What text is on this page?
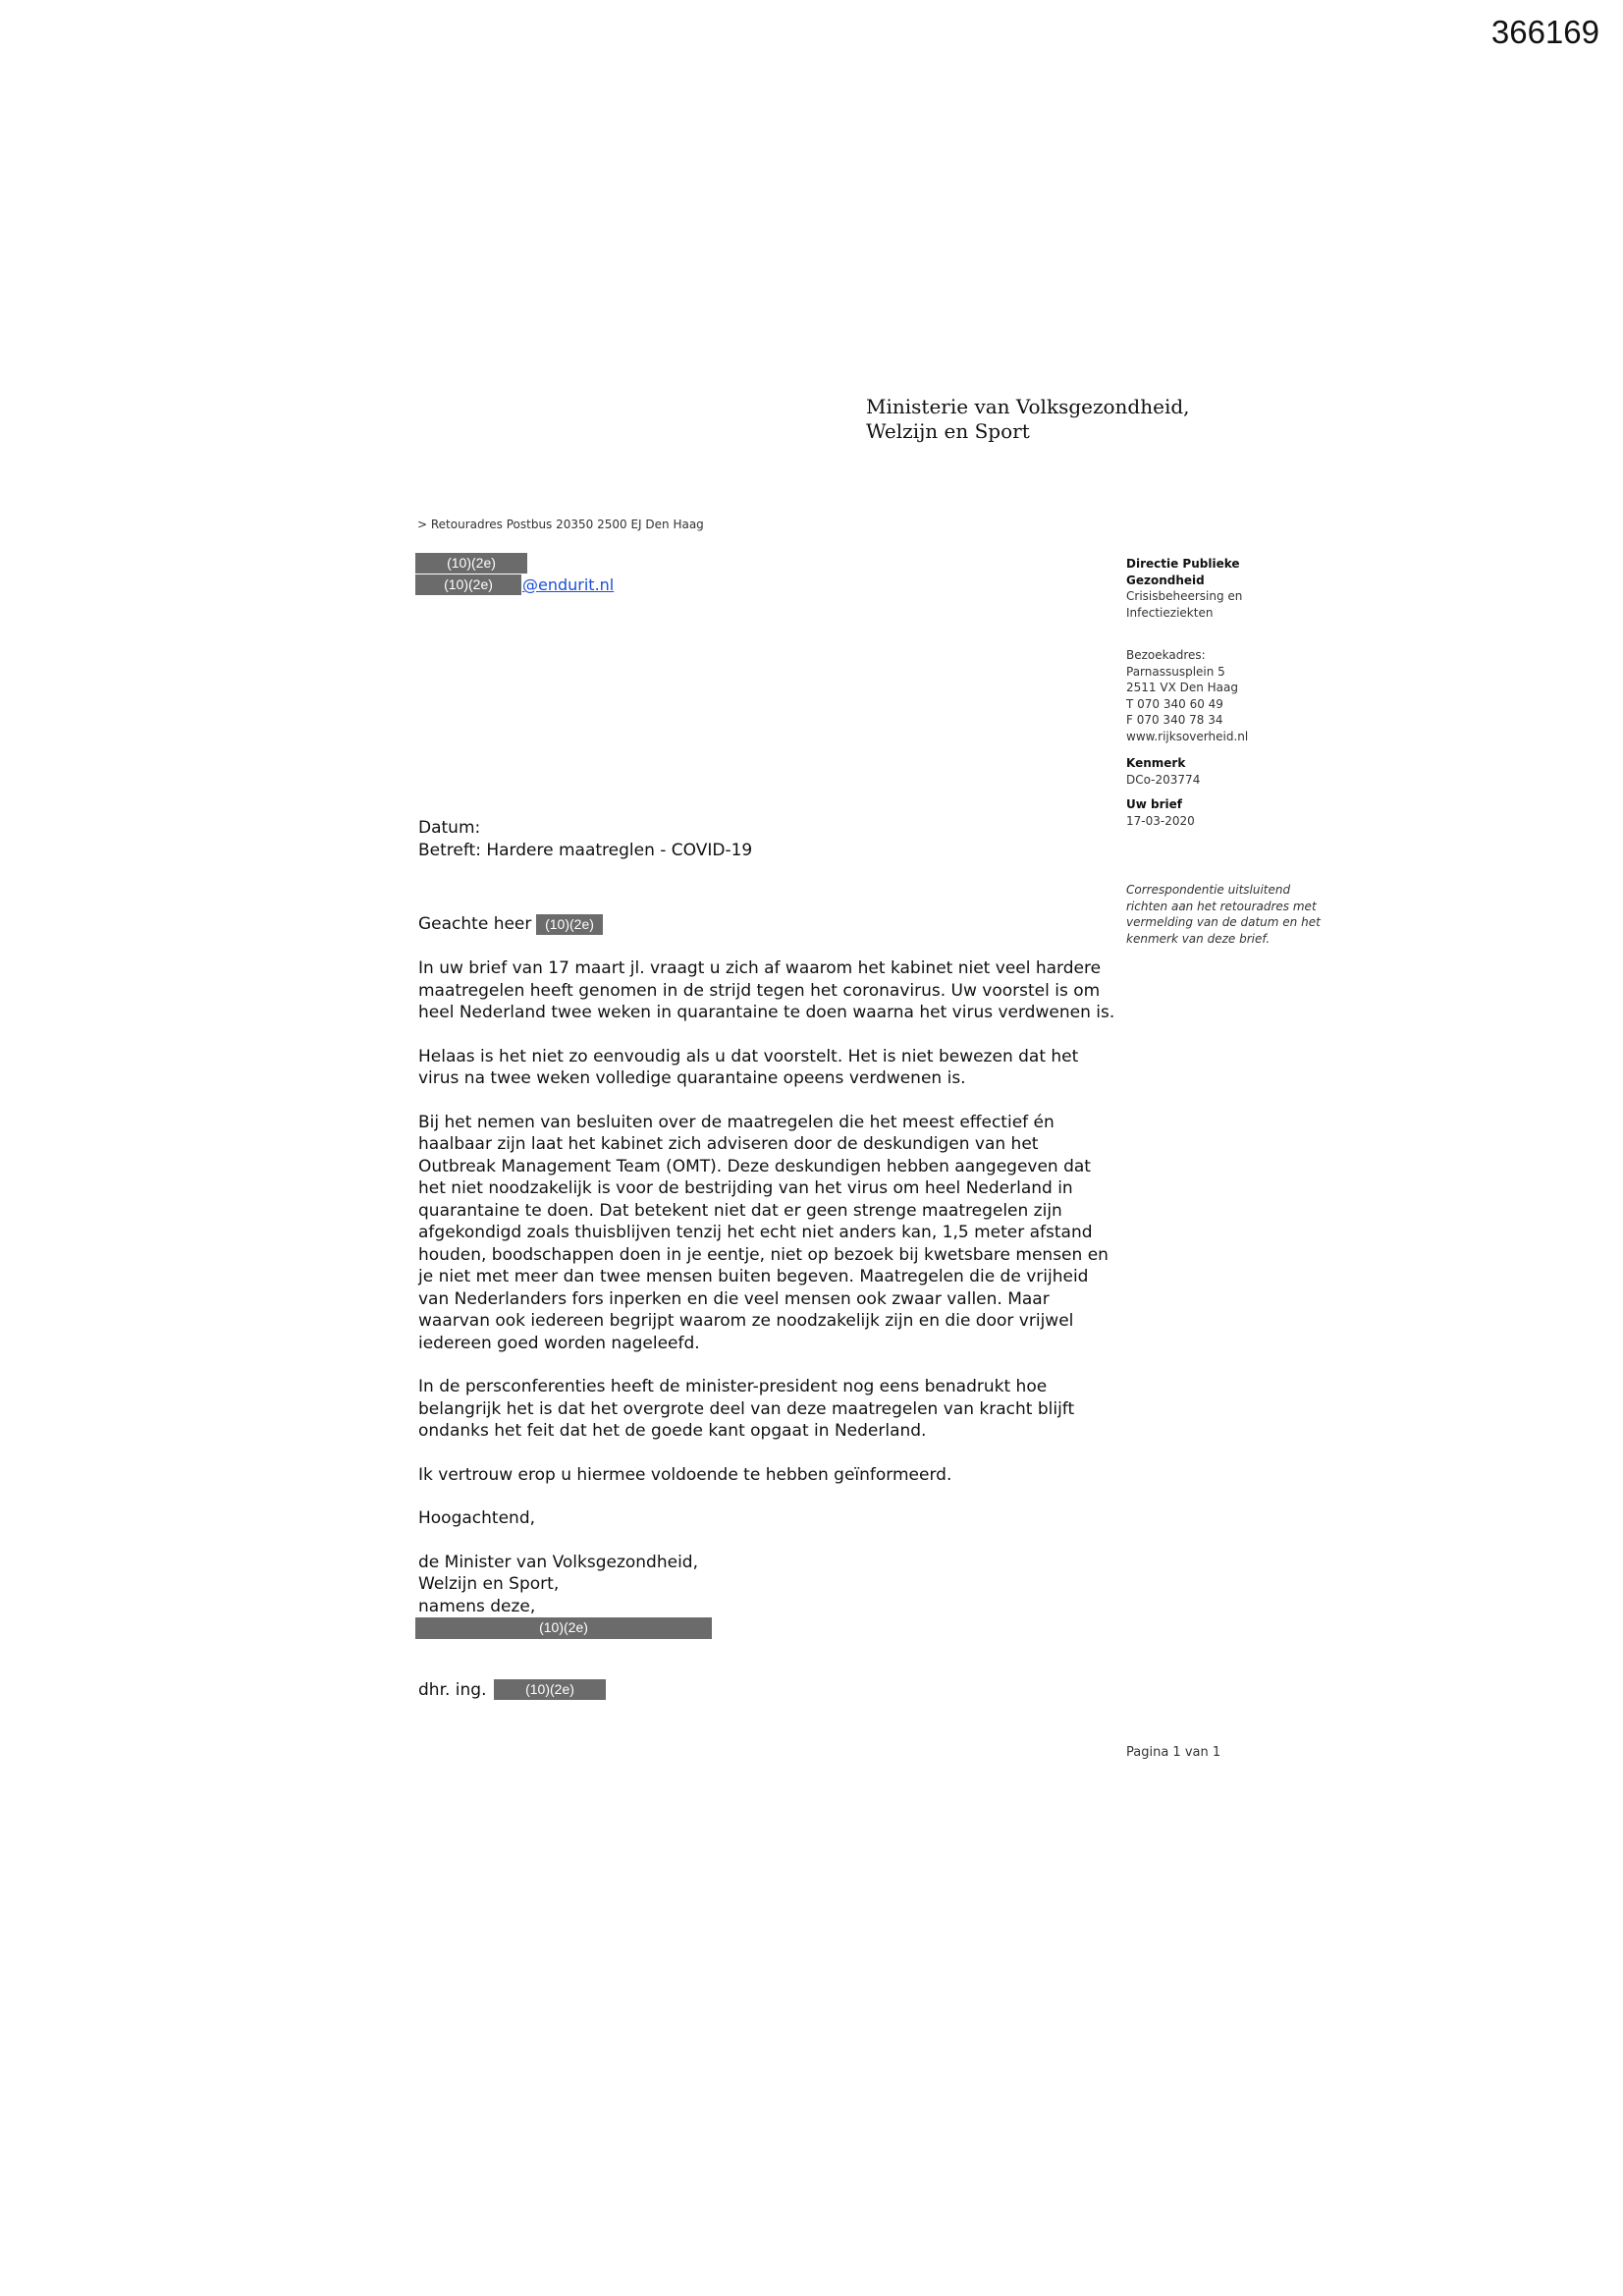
366169
Ministerie van Volksgezondheid,
Welzijn en Sport
> Retouradres Postbus 20350 2500 EJ Den Haag
(10)(2e)
(10)(2e)	@endurit.nl
Directie Publieke
Gezondheid
Crisisbeheersing en
Infectieziekten
Bezoekadres:
Parnassusplein 5
2511 VX Den Haag
T 070 340 60 49
F 070 340 78 34
www.rijksoverheid.nl
Kenmerk
DCo-203774
Uw brief
17-03-2020
Correspondentie uitsluitend richten aan het retouradres met vermelding van de datum en het kenmerk van deze brief.
Datum:
Betreft: Hardere maatreglen - COVID-19
Geachte heer (10)(2e)

In uw brief van 17 maart jl. vraagt u zich af waarom het kabinet niet veel hardere maatregelen heeft genomen in de strijd tegen het coronavirus. Uw voorstel is om heel Nederland twee weken in quarantaine te doen waarna het virus verdwenen is.

Helaas is het niet zo eenvoudig als u dat voorstelt. Het is niet bewezen dat het virus na twee weken volledige quarantaine opeens verdwenen is.

Bij het nemen van besluiten over de maatregelen die het meest effectief én haalbaar zijn laat het kabinet zich adviseren door de deskundigen van het Outbreak Management Team (OMT). Deze deskundigen hebben aangegeven dat het niet noodzakelijk is voor de bestrijding van het virus om heel Nederland in quarantaine te doen. Dat betekent niet dat er geen strenge maatregelen zijn afgekondigd zoals thuisblijven tenzij het echt niet anders kan, 1,5 meter afstand houden, boodschappen doen in je eentje, niet op bezoek bij kwetsbare mensen en je niet met meer dan twee mensen buiten begeven. Maatregelen die de vrijheid van Nederlanders fors inperken en die veel mensen ook zwaar vallen. Maar waarvan ook iedereen begrijpt waarom ze noodzakelijk zijn en die door vrijwel iedereen goed worden nageleefd.

In de persconferenties heeft de minister-president nog eens benadrukt hoe belangrijk het is dat het overgrote deel van deze maatregelen van kracht blijft ondanks het feit dat het de goede kant opgaat in Nederland.

Ik vertrouw erop u hiermee voldoende te hebben geïnformeerd.

Hoogachtend,

de Minister van Volksgezondheid,

Welzijn en Sport,

namens deze,

(10)(2e)
dhr. ing.	(10)(2e)
Pagina 1 van 1
